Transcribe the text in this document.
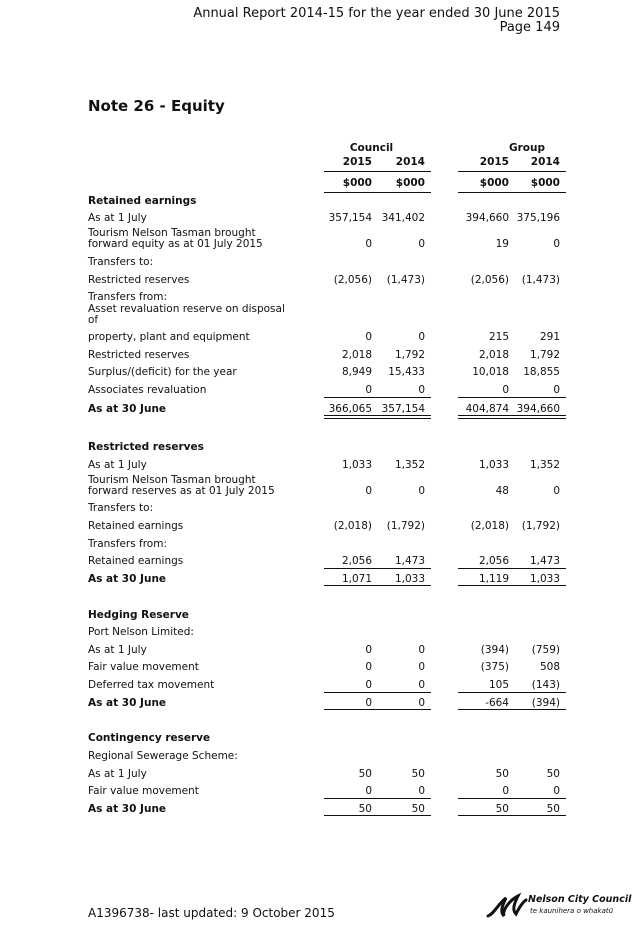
Annual Report 2014-15 for the year ended 30 June 2015
Page 149
Note 26 - Equity
Council	Group
2015	2014	2015	2014
$000	$000	$000	$000
Retained earnings
As at 1 July	357,154 341,402	394,660 375,196
Tourism Nelson Tasman brought
forward equity as at 01 July 2015	0	0	19	0
Transfers to:
Restricted reserves	(2,056)	(1,473)	(2,056)	(1,473)
Transfers from:
Asset revaluation reserve on disposal
of
property, plant and equipment	0	0	215	291
Restricted reserves	2,018	1,792	2,018	1,792
Surplus/(deficit) for the year	8,949	15,433	10,018	18,855
Associates revaluation	0	0	0	0
As at 30 June	366,065 357,154	404,874 394,660
Restricted reserves
As at 1 July	1,033	1,352	1,033	1,352
Tourism Nelson Tasman brought
forward reserves as at 01 July 2015	0	0	48	0
Transfers to:
Retained earnings	(2,018)	(1,792)	(2,018)	(1,792)
Transfers from:
Retained earnings	2,056	1,473	2,056	1,473
As at 30 June	1,071	1,033	1,119	1,033
Hedging Reserve
Port Nelson Limited:
As at 1 July	0	0	(394)	(759)
Fair value movement	0	0	(375)	508
Deferred tax movement	0	0	105	(143)
As at 30 June	0	0	-664	(394)
Contingency reserve
Regional Sewerage Scheme:
As at 1 July	50	50	50	50
Fair value movement	0	0	0	0
As at 30 June	50	50	50	50
A1396738- last updated: 9 October 2015
Nelson City Council
te kaunihera o whakatū
